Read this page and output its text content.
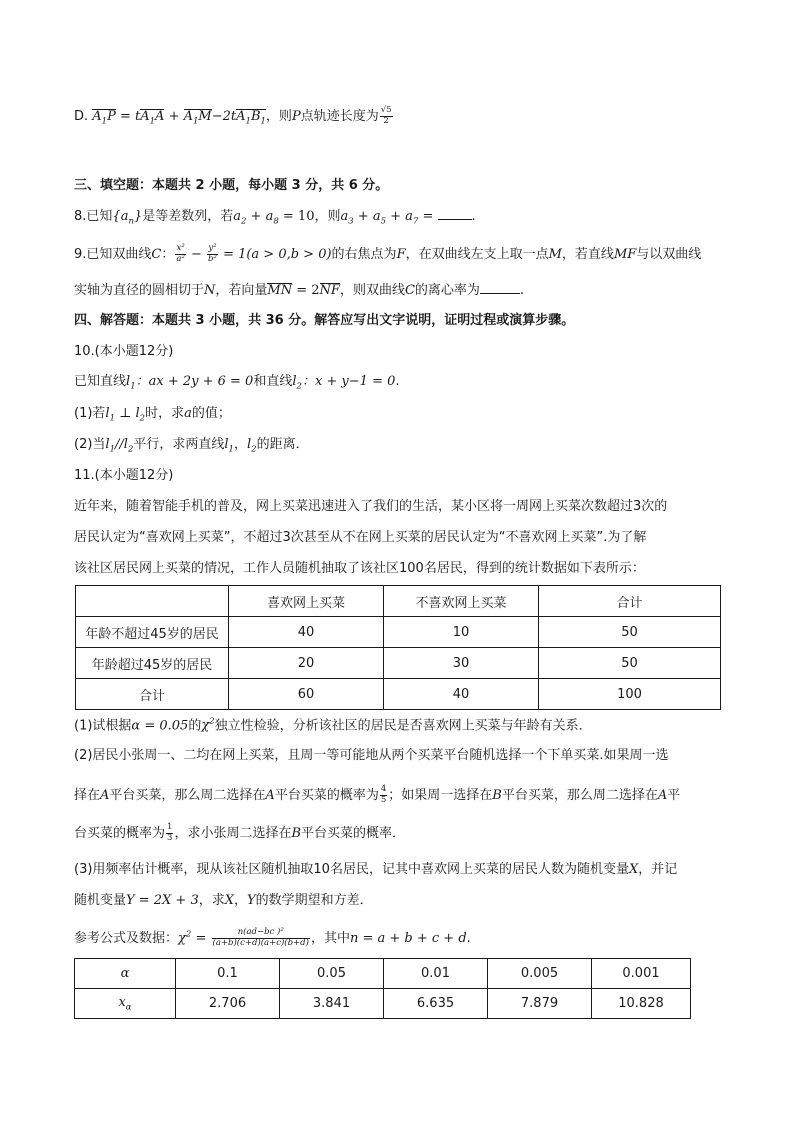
D. $A_1P = tA_1A + A_1M-2tA_1B_1$，则P点轨迹长度为 $\frac{√5}{2}$
三、填空题：本题共 2 小题，每小题 3 分，共 6 分。
8.已知$\{a_n\}$是等差数列，若$a_2 + a_8 = 10$，则$a_3 + a_5 + a_7$ =	.
9.已知双曲线C： $\frac{\text{x²}}{\text{a²}} - \frac{\text{y²}}{\text{b²}} = 1(a > 0,b > 0)$的右焦点为F，在双曲线左支上取一点M，若直线MF与以双曲线
实轴为直径的圆相切于N，若向量MN = 2NF，则双曲线C的离心率为	.
四、解答题：本题共 3 小题，共 36 分。解答应写出文字说明，证明过程或演算步骤。
10.(本小题12分)
已知直线$l_1$：ax + 2y + 6 = 0和直线$l_2$：x + y−1 = 0.
(1)若$l_1$ ⊥ $l_2$时，求a的值；
(2)当$l_1//l_2$平行，求两直线$l_1$，$l_2$的距离．
11.(本小题12分)
近年来，随着智能手机的普及，网上买菜迅速进入了我们的生活，某小区将一周网上买菜次数超过3次的
居民认定为“喜欢网上买菜”，不超过3次甚至从不在网上买菜的居民认定为“不喜欢网上买菜”.为了解
该社区居民网上买菜的情况，工作人员随机抽取了该社区100名居民，得到的统计数据如下表所示：
	喜欢网上买菜	不喜欢网上买菜	合计
年龄不超过45岁的居民	40	10	50
年龄超过45岁的居民	20	30	50
合计	60	40	100
(1)试根据α = 0.05的$\chi^2$独立性检验，分析该社区的居民是否喜欢网上买菜与年龄有关系．
(2)居民小张周一、二均在网上买菜，且周一等可能地从两个买菜平台随机选择一个下单买菜.如果周一选
择在A平台买菜，那么周二选择在A平台买菜的概率为 $\frac{4}{5}$ ；如果周一选择在B平台买菜，那么周二选择在A平
台买菜的概率为 $\frac{1}{3}$ ，求小张周二选择在B平台买菜的概率．
(3)用频率估计概率，现从该社区随机抽取10名居民，记其中喜欢网上买菜的居民人数为随机变量X，并记
随机变量Y = 2X + 3，求X，Y的数学期望和方差．
参考公式及数据：$\chi^2 = \frac{\text{n(ad−bc )²}}{(a+b)(c+d)(a+c)(b+d)}$ ，其中n = a + b + c + d.
α	0.1	0.05	0.01	0.005	0.001
$x_\alpha$	2.706	3.841	6.635	7.879	10.828
